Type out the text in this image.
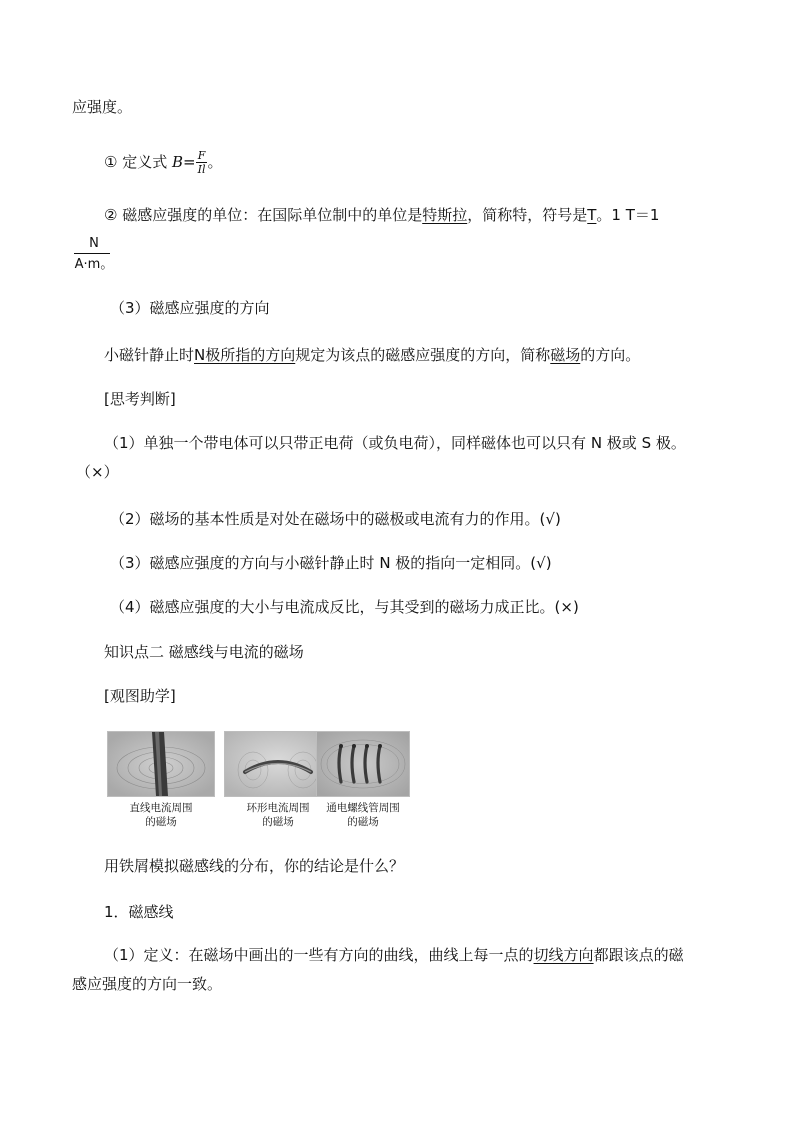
应强度。
① 定义式 $B= \frac{F}{Il}$ 。
② 磁感应强度的单位：在国际单位制中的单位是特斯拉，简称特，符号是T。1 T＝1
N
A·m。
（3）磁感应强度的方向
小磁针静止时N极所指的方向规定为该点的磁感应强度的方向，简称磁场的方向。
[思考判断]
（1）单独一个带电体可以只带正电荷（或负电荷），同样磁体也可以只有 N 极或 S 极。
（×）
（2）磁场的基本性质是对处在磁场中的磁极或电流有力的作用。(√)
（3）磁感应强度的方向与小磁针静止时 N 极的指向一定相同。(√)
（4）磁感应强度的大小与电流成反比，与其受到的磁场力成正比。(×)
知识点二 磁感线与电流的磁场
[观图助学]
直线电流周围
的磁场
环形电流周围
的磁场
通电螺线管周围
的磁场
用铁屑模拟磁感线的分布，你的结论是什么？
1．磁感线
（1）定义：在磁场中画出的一些有方向的曲线，曲线上每一点的切线方向都跟该点的磁
感应强度的方向一致。
